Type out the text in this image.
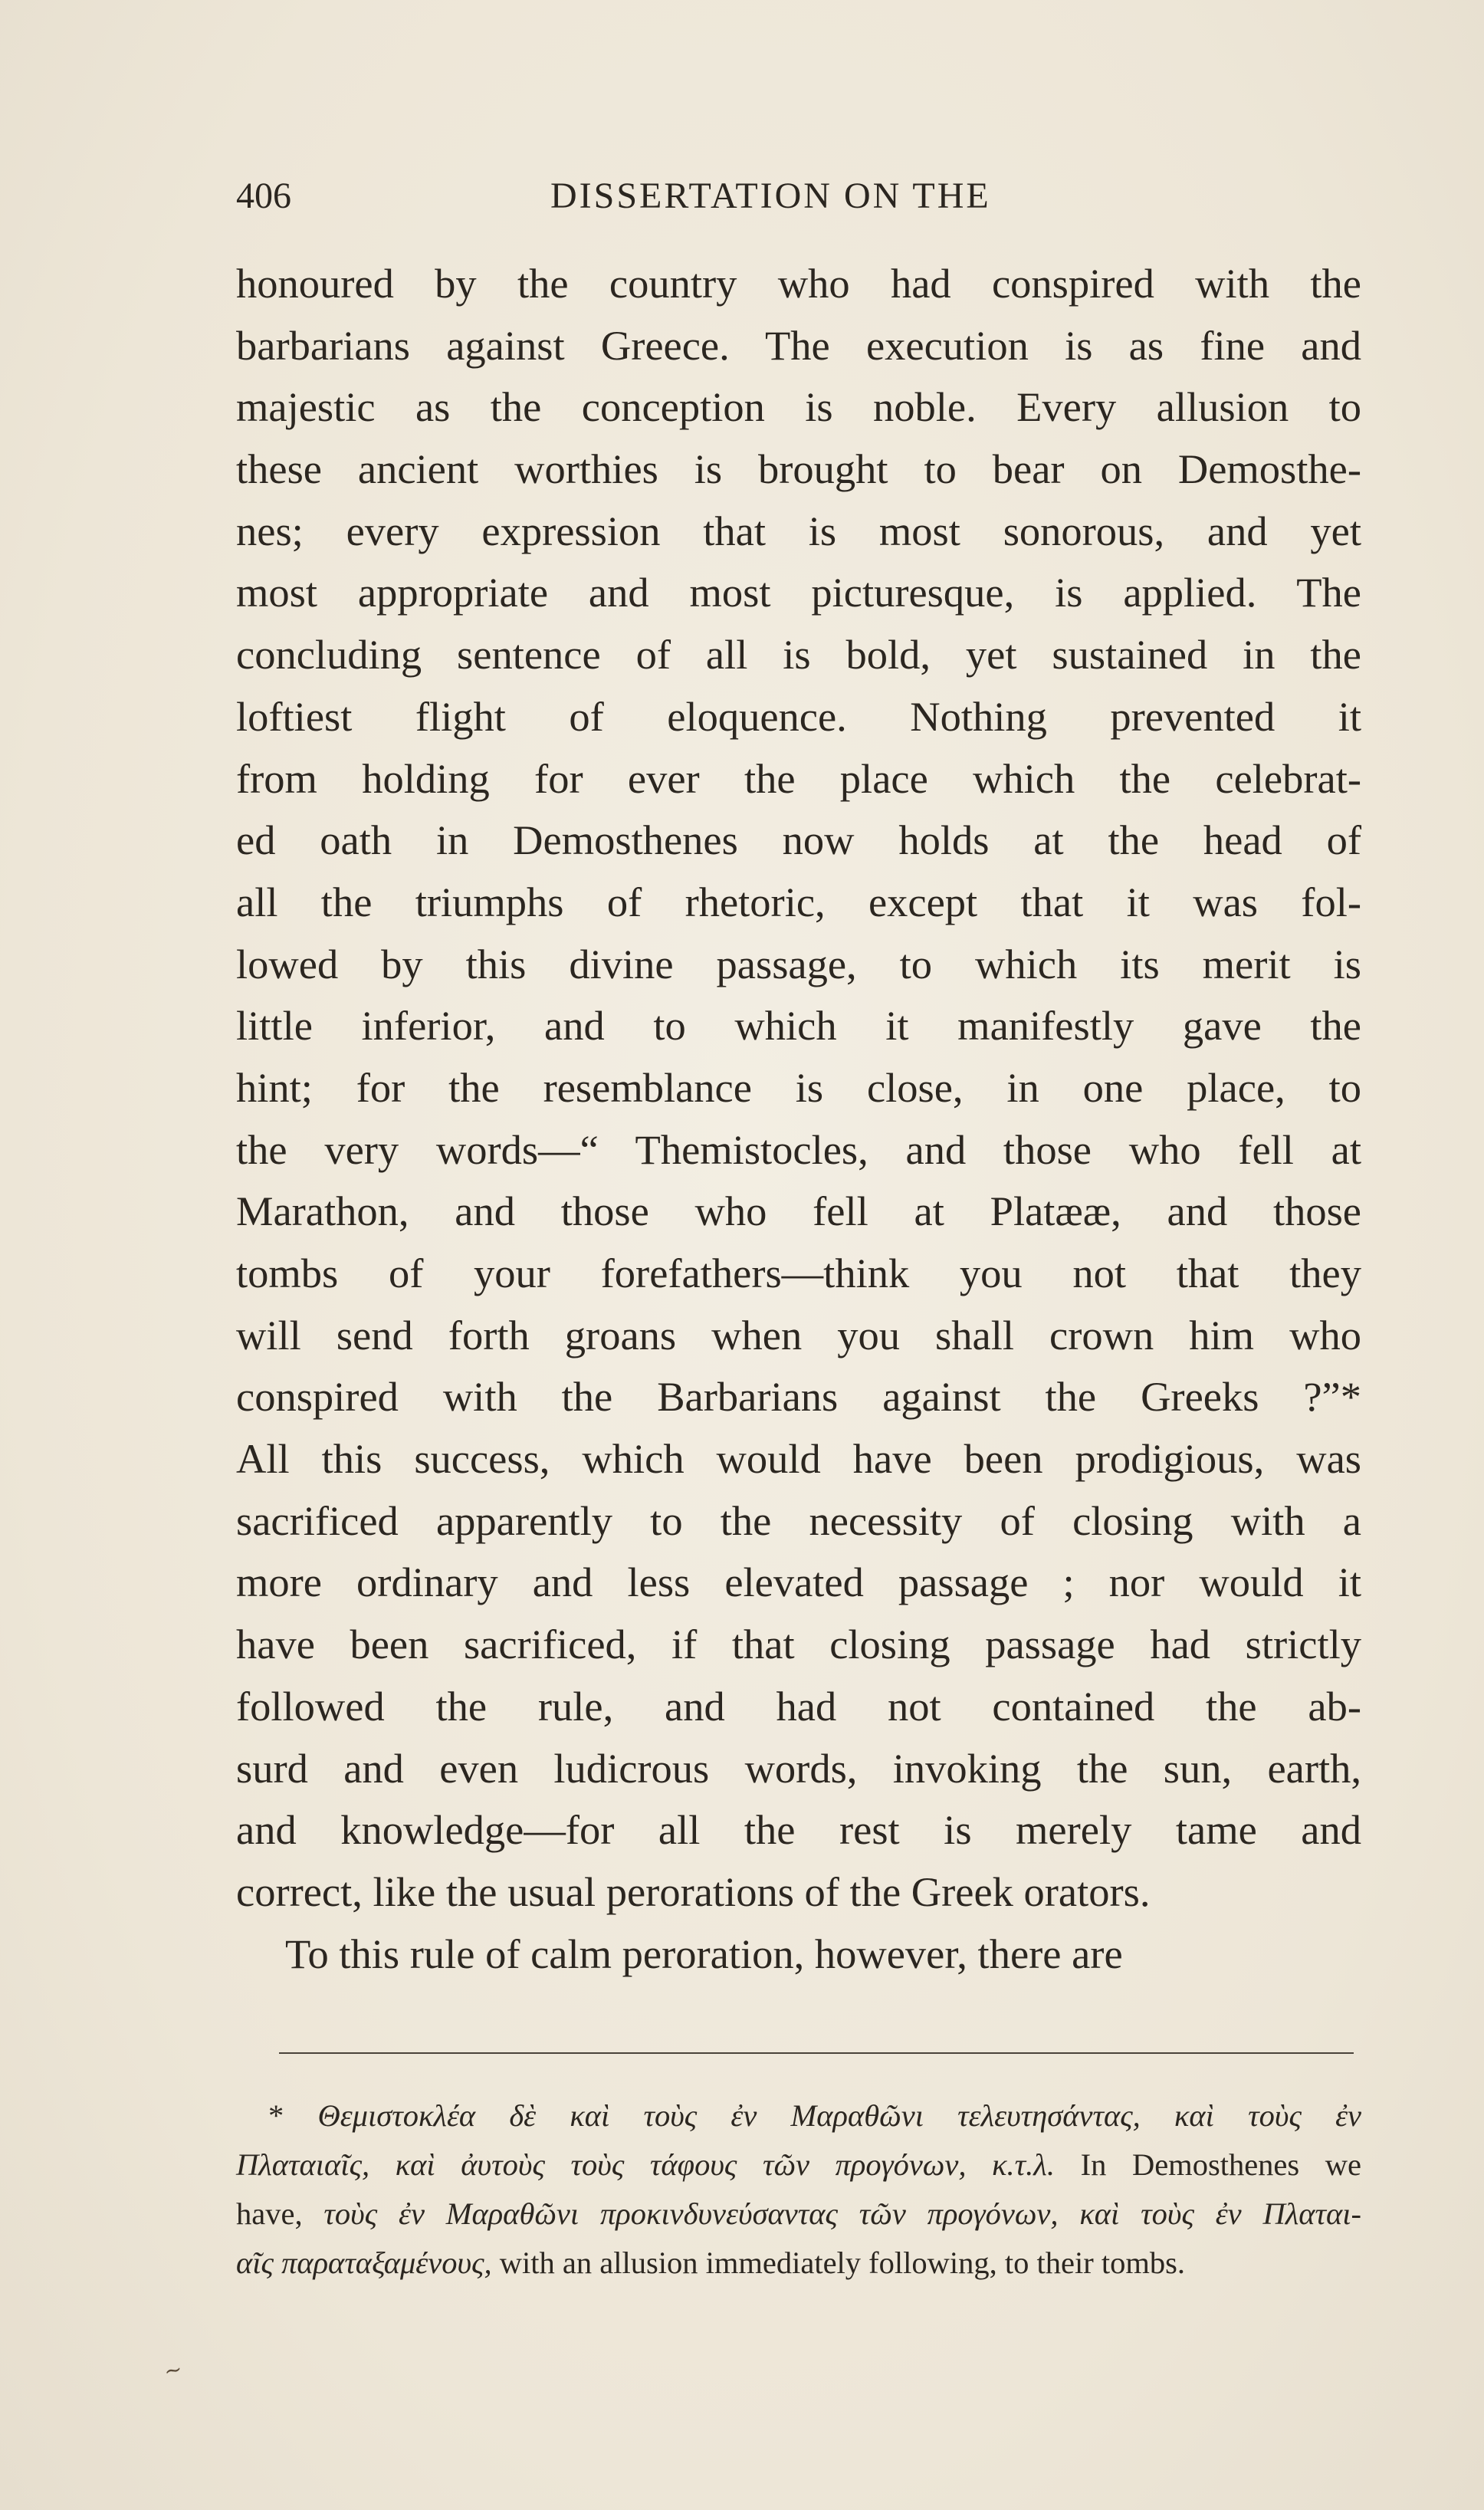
406	DISSERTATION ON THE
honoured by the country who had conspired with the
barbarians against Greece. The execution is as fine and
majestic as the conception is noble. Every allusion to
these ancient worthies is brought to bear on Demosthe-
nes; every expression that is most sonorous, and yet
most appropriate and most picturesque, is applied. The
concluding sentence of all is bold, yet sustained in the
loftiest flight of eloquence. Nothing prevented it
from holding for ever the place which the celebrat-
ed oath in Demosthenes now holds at the head of
all the triumphs of rhetoric, except that it was fol-
lowed by this divine passage, to which its merit is
little inferior, and to which it manifestly gave the
hint; for the resemblance is close, in one place, to
the very words—“ Themistocles, and those who fell at
Marathon, and those who fell at Platææ, and those
tombs of your forefathers—think you not that they
will send forth groans when you shall crown him who
conspired with the Barbarians against the Greeks ?”*
All this success, which would have been prodigious, was
sacrificed apparently to the necessity of closing with a
more ordinary and less elevated passage ; nor would it
have been sacrificed, if that closing passage had strictly
followed the rule, and had not contained the ab-
surd and even ludicrous words, invoking the sun, earth,
and knowledge—for all the rest is merely tame and
correct, like the usual perorations of the Greek orators.
To this rule of calm peroration, however, there are
* Θεμιστοκλέα δὲ καὶ τοὺς ἐν Μαραθῶνι τελευτησάντας, καὶ τοὺς ἐν
Πλαταιαῖς, καὶ ἀυτοὺς τοὺς τάφους τῶν προγόνων, κ.τ.λ. In Demosthenes we
have, τοὺς ἐν Μαραθῶνι προκινδυνεύσαντας τῶν προγόνων, καὶ τοὺς ἐν Πλαται-
αῖς παραταξαμένους, with an allusion immediately following, to their tombs.
~
